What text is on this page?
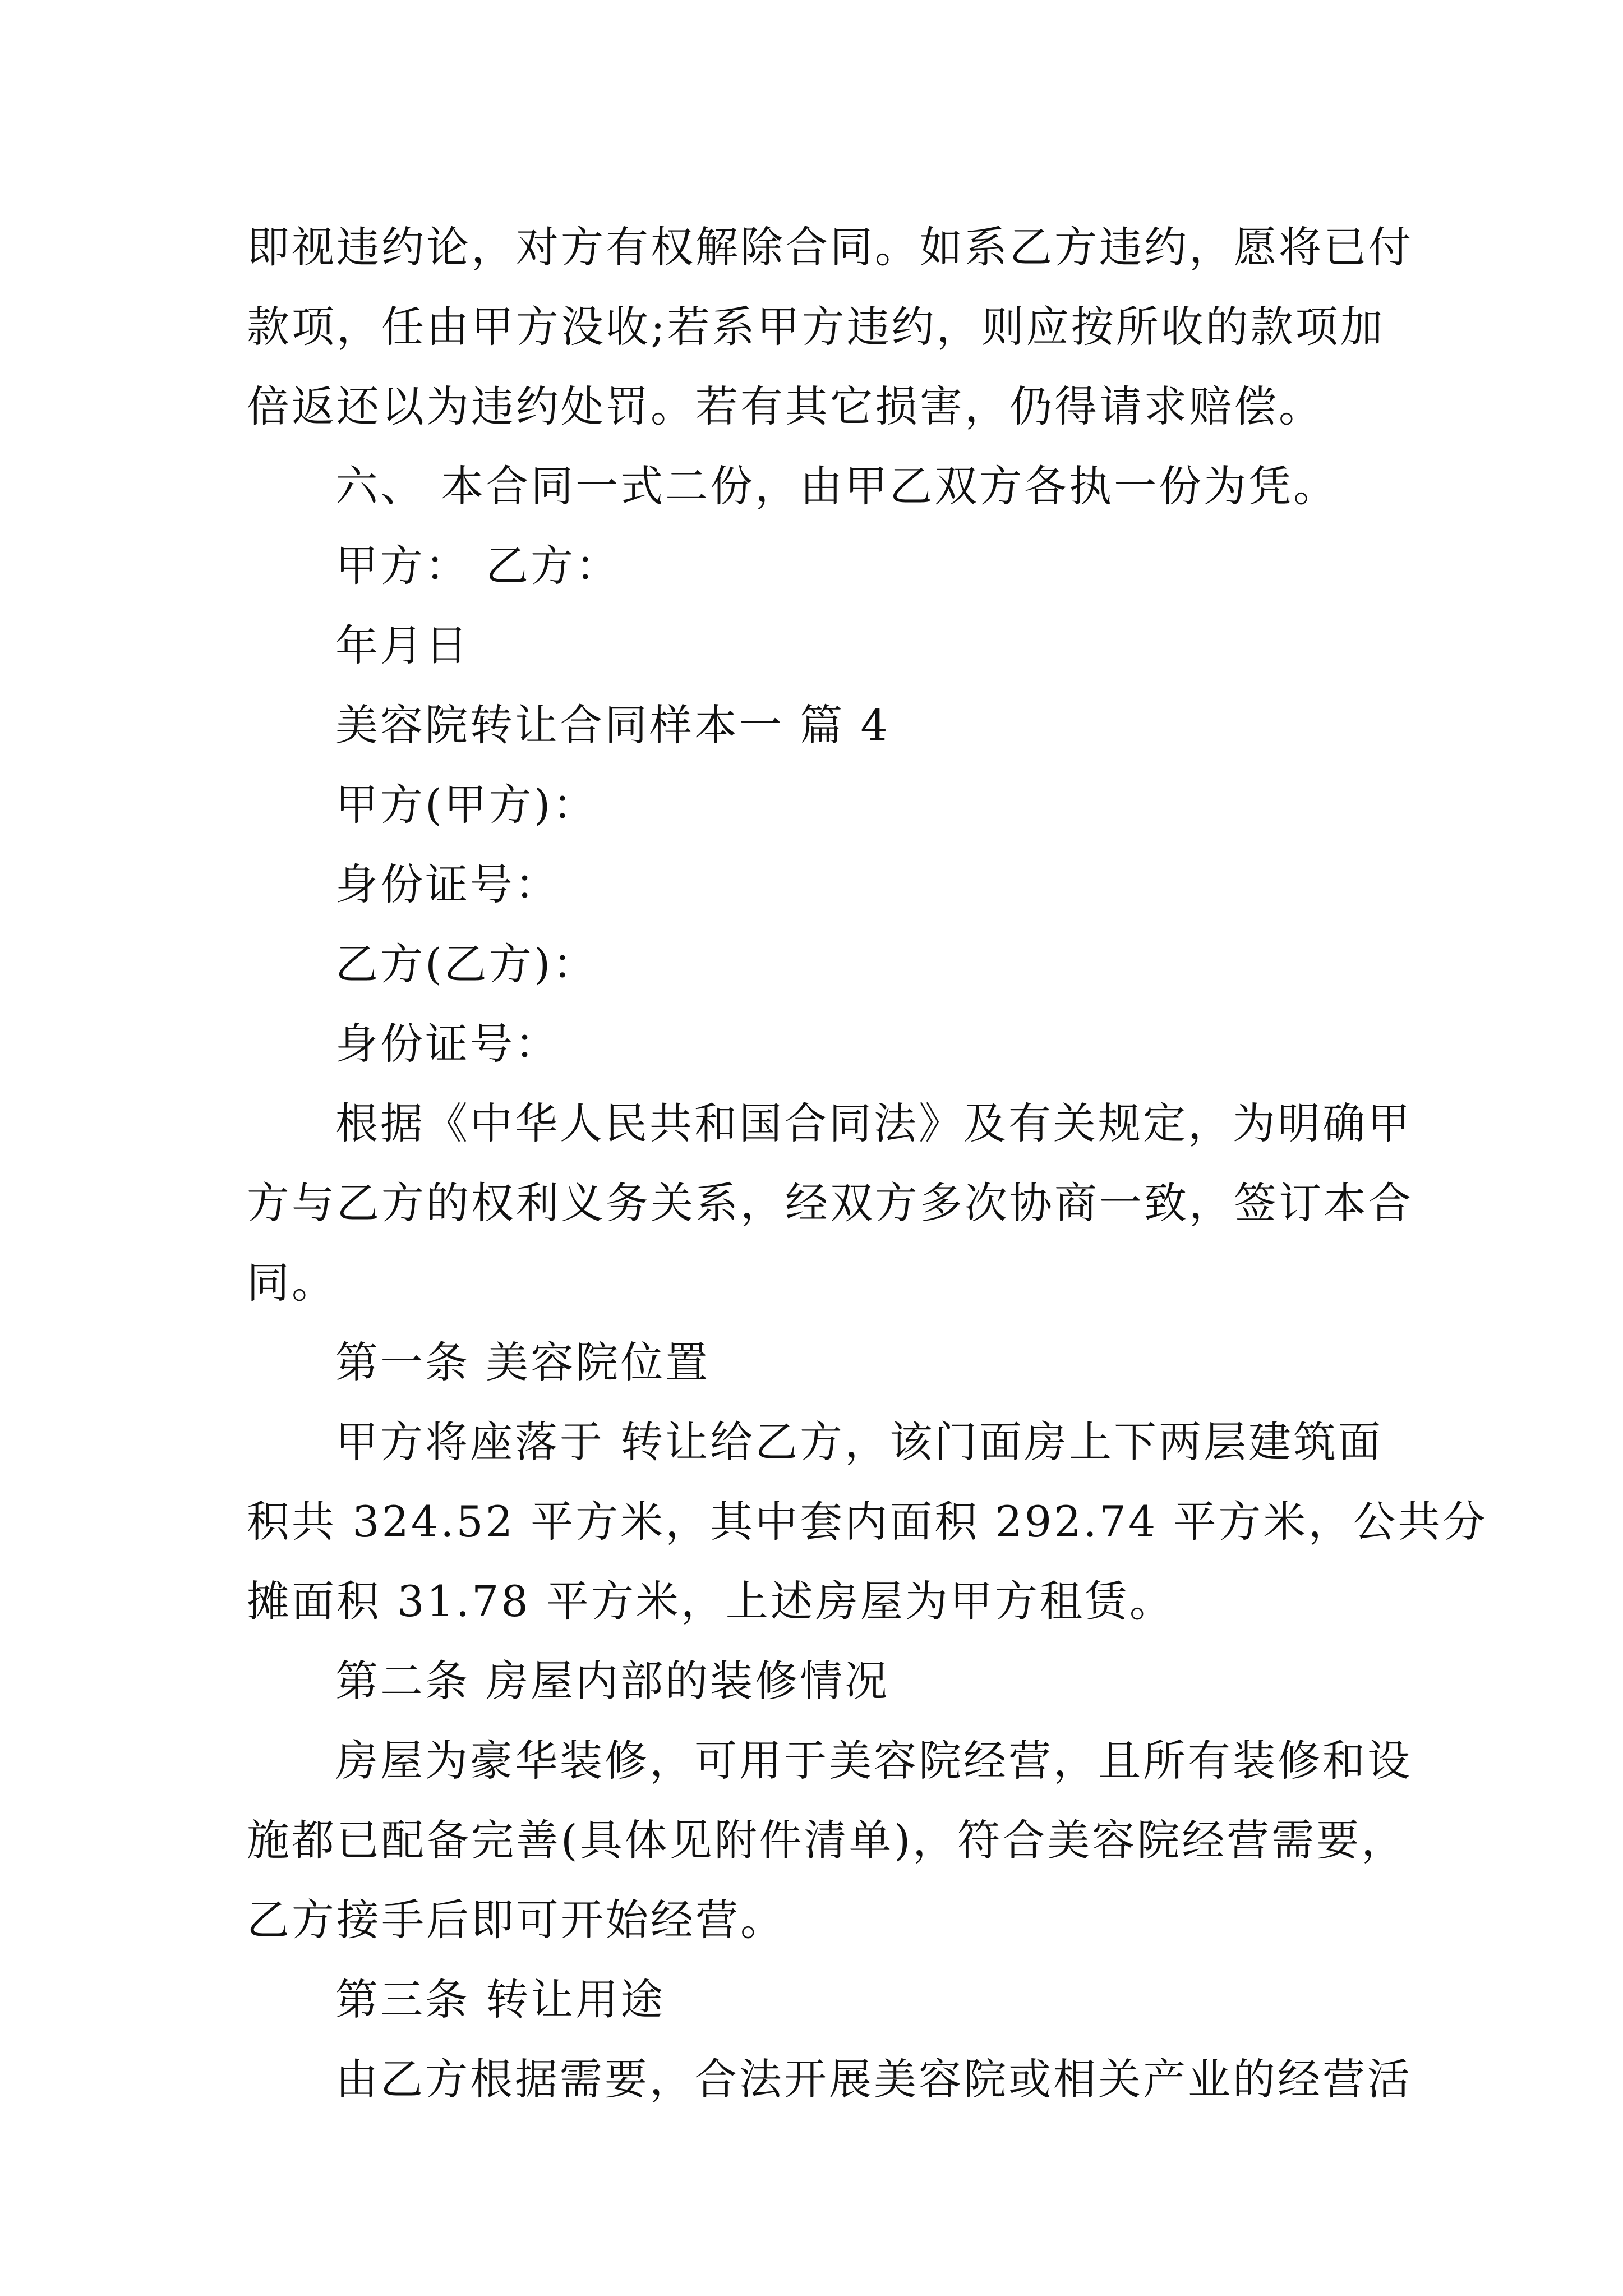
即视违约论，对方有权解除合同。如系乙方违约，愿将已付
款项，任由甲方没收;若系甲方违约，则应按所收的款项加
倍返还以为违约处罚。若有其它损害，仍得请求赔偿。
六、 本合同一式二份，由甲乙双方各执一份为凭。
甲方： 乙方：
年月日
美容院转让合同样本一 篇 4
甲方(甲方)：
身份证号：
乙方(乙方)：
身份证号：
根据《中华人民共和国合同法》及有关规定，为明确甲
方与乙方的权利义务关系，经双方多次协商一致，签订本合
同。
第一条 美容院位置
甲方将座落于 转让给乙方，该门面房上下两层建筑面
积共 324.52 平方米，其中套内面积 292.74 平方米，公共分
摊面积 31.78 平方米，上述房屋为甲方租赁。
第二条 房屋内部的装修情况
房屋为豪华装修，可用于美容院经营，且所有装修和设
施都已配备完善(具体见附件清单)，符合美容院经营需要，
乙方接手后即可开始经营。
第三条 转让用途
由乙方根据需要，合法开展美容院或相关产业的经营活
